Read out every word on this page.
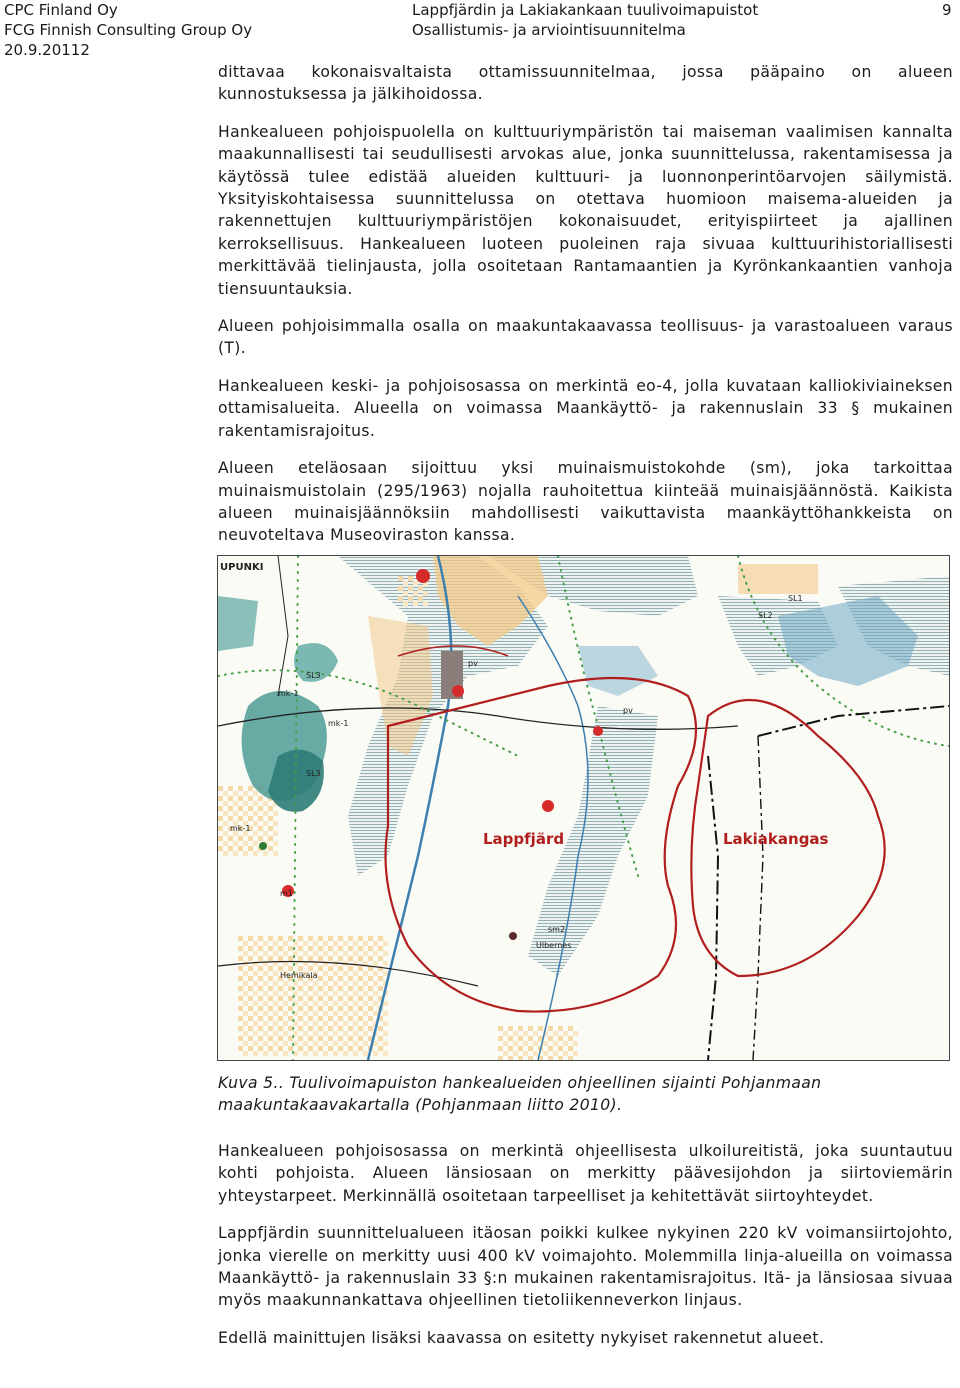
CPC Finland Oy
FCG Finnish Consulting Group Oy
20.9.20112
Lappfjärdin ja Lakiakankaan tuulivoimapuistot
Osallistumis- ja arviointisuunnitelma
9

dittavaa kokonaisvaltaista ottamissuunnitelmaa, jossa pääpaino on alueen kunnostuksessa ja jälkihoidossa.

Hankealueen pohjoispuolella on kulttuuriympäristön tai maiseman vaalimisen kannalta maakunnallisesti tai seudullisesti arvokas alue, jonka suunnittelussa, rakentamisessa ja käytössä tulee edistää alueiden kulttuuri- ja luonnonperintöarvojen säilymistä. Yksityiskohtaisessa suunnittelussa on otettava huomioon maisema-alueiden ja rakennettujen kulttuuriympäristöjen kokonaisuudet, erityispiirteet ja ajallinen kerroksellisuus. Hankealueen luoteen puoleinen raja sivuaa kulttuurihistoriallisesti merkittävää tielinjausta, jolla osoitetaan Rantamaantien ja Kyrönkankaantien vanhoja tiensuuntauksia.

Alueen pohjoisimmalla osalla on maakuntakaavassa teollisuus- ja varastoalueen varaus (T).

Hankealueen keski- ja pohjoisosassa on merkintä eo-4, jolla kuvataan kalliokiviaineksen ottamisalueita. Alueella on voimassa Maankäyttö- ja rakennuslain 33 § mukainen rakentamisrajoitus.

Alueen eteläosaan sijoittuu yksi muinaismuistokohde (sm), joka tarkoittaa muinaismuistolain (295/1963) nojalla rauhoitettua kiinteää muinaisjäännöstä. Kaikista alueen muinaisjäännöksiin mahdollisesti vaikuttavista maankäyttöhankkeista on neuvoteltava Museoviraston kanssa.

Lappfjärd	Lakiakangas
UPUNKI
mk-1
mk-1
mk-1
SL3
SL3
SL2
SL1
pv
pv
sm2
m1
Hemikala
Ulbernes
Kuva 5.. Tuulivoimapuiston hankealueiden ohjeellinen sijainti Pohjanmaan maakuntakaavakartalla (Pohjanmaan liitto 2010).

Hankealueen pohjoisosassa on merkintä ohjeellisesta ulkoilureitistä, joka suuntautuu kohti pohjoista. Alueen länsiosaan on merkitty päävesijohdon ja siirtoviemärin yhteystarpeet. Merkinnällä osoitetaan tarpeelliset ja kehitettävät siirtoyhteydet.

Lappfjärdin suunnittelualueen itäosan poikki kulkee nykyinen 220 kV voimansiirtojohto, jonka vierelle on merkitty uusi 400 kV voimajohto. Molemmilla linja-alueilla on voimassa Maankäyttö- ja rakennuslain 33 §:n mukainen rakentamisrajoitus. Itä- ja länsiosaa sivuaa myös maakunnankattava ohjeellinen tietoliikenneverkon linjaus.

Edellä mainittujen lisäksi kaavassa on esitetty nykyiset rakennetut alueet.
